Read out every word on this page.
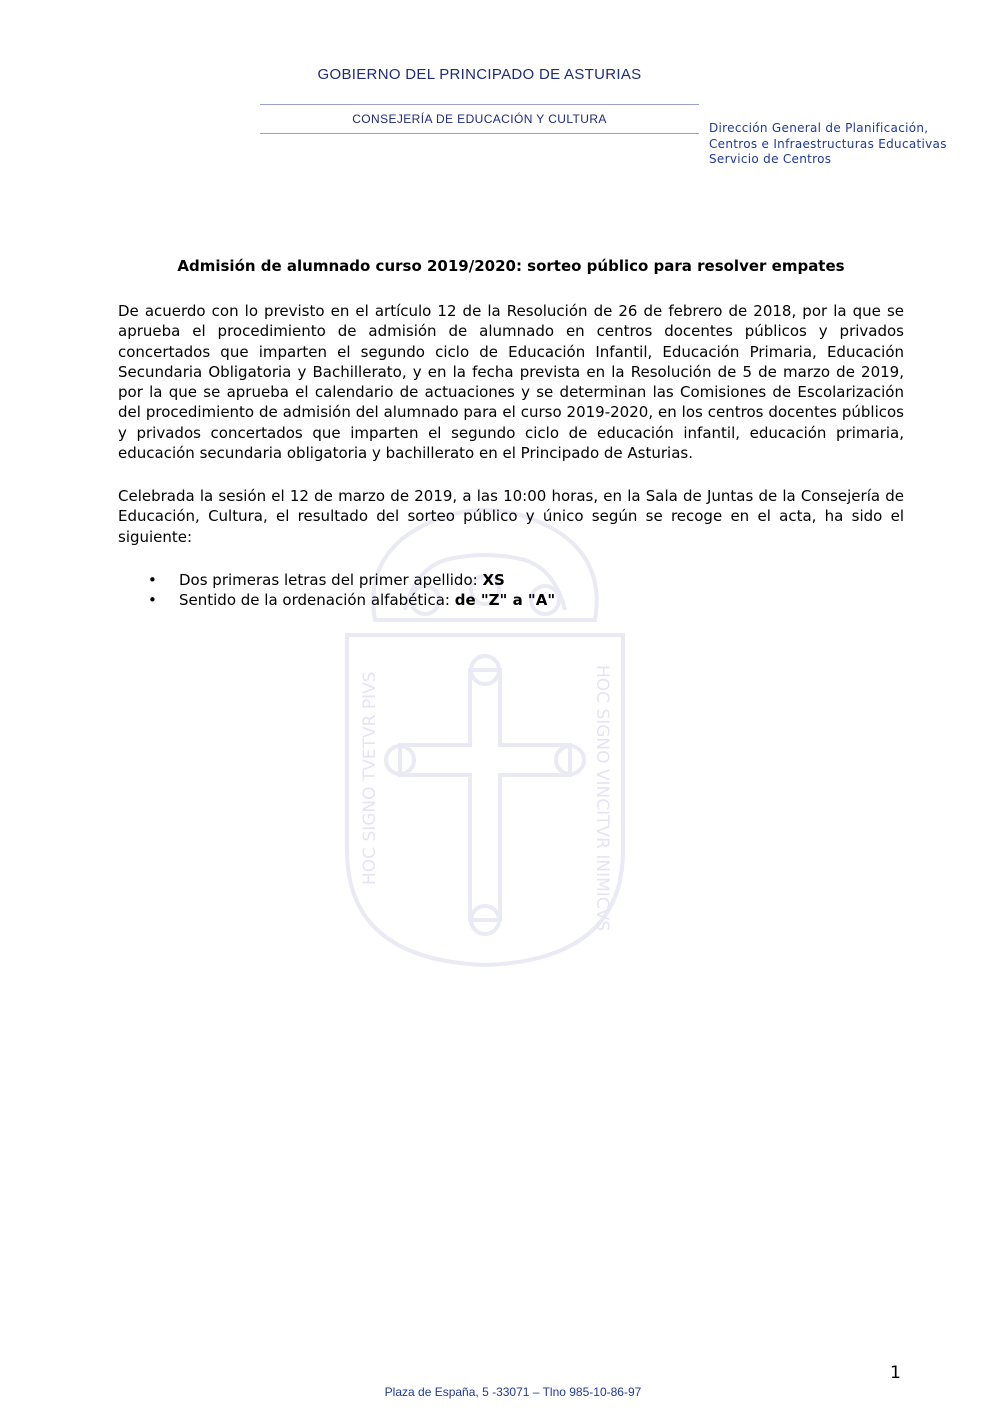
GOBIERNO DEL PRINCIPADO DE ASTURIAS
CONSEJERÍA DE EDUCACIÓN Y CULTURA
Dirección General de Planificación,
Centros e Infraestructuras Educativas
Servicio de Centros
HOC SIGNO TVETVR PIVS	HOC SIGNO VINCITVR INIMICVS
Admisión de alumnado curso 2019/2020: sorteo público para resolver empates
De acuerdo con lo previsto en el artículo 12 de la Resolución de 26 de febrero de 2018, por la que se aprueba el procedimiento de admisión de alumnado en centros docentes públicos y privados concertados que imparten el segundo ciclo de Educación Infantil, Educación Primaria, Educación Secundaria Obligatoria y Bachillerato, y en la fecha prevista en la Resolución de 5 de marzo de 2019, por la que se aprueba el calendario de actuaciones y se determinan las Comisiones de Escolarización del procedimiento de admisión del alumnado para el curso 2019-2020, en los centros docentes públicos y privados concertados que imparten el segundo ciclo de educación infantil, educación primaria, educación secundaria obligatoria y bachillerato en el Principado de Asturias.
Celebrada la sesión el 12 de marzo de 2019, a las 10:00 horas, en la Sala de Juntas de la Consejería de Educación, Cultura, el resultado del sorteo público y único según se recoge en el acta, ha sido el siguiente:
• Dos primeras letras del primer apellido: XS
• Sentido de la ordenación alfabética: de "Z" a "A"
1
Plaza de España, 5 -33071 – Tlno 985-10-86-97
